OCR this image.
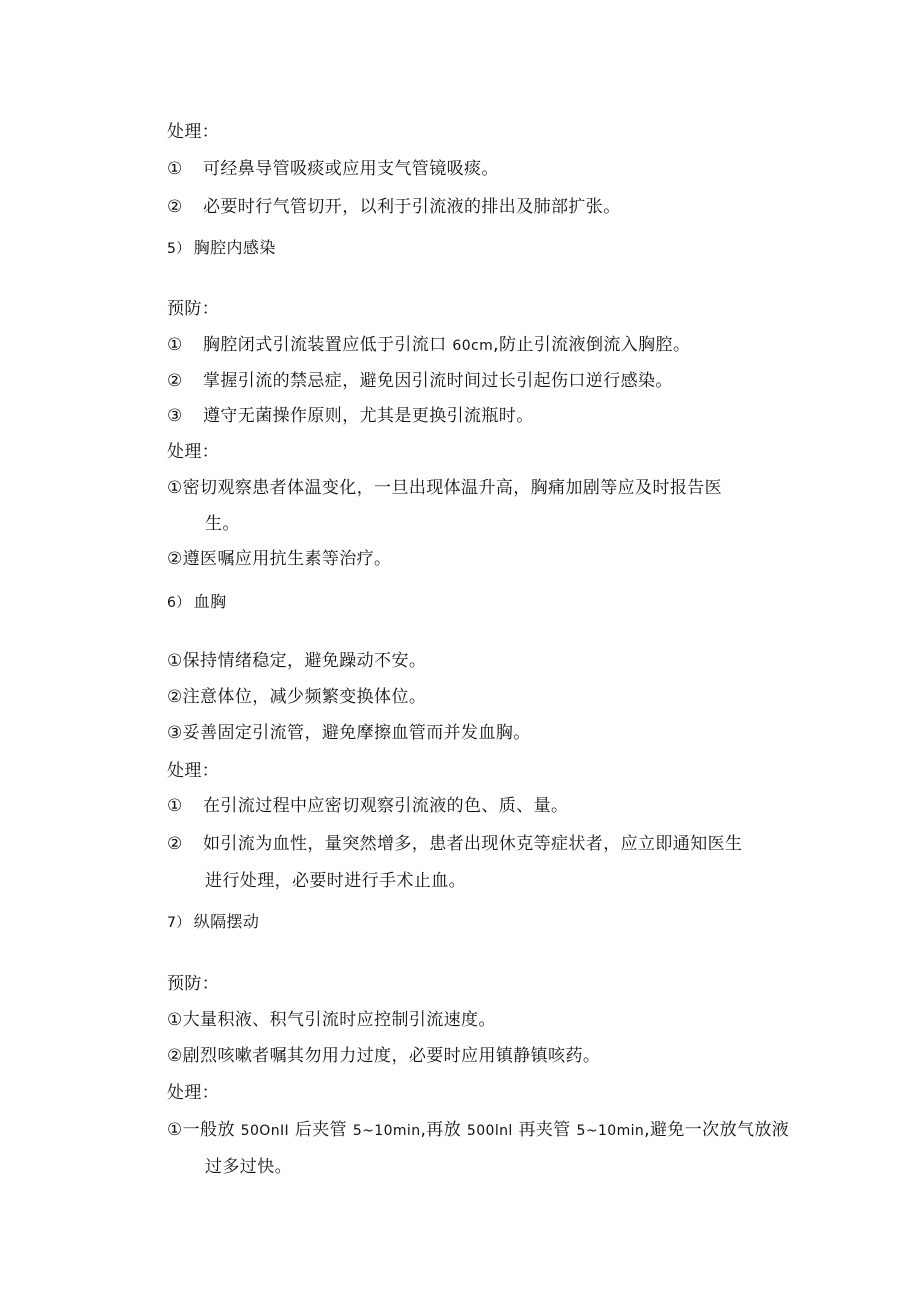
处理：
① 可经鼻导管吸痰或应用支气管镜吸痰。
② 必要时行气管切开，以利于引流液的排出及肺部扩张。
5） 胸腔内感染
预防：
① 胸腔闭式引流装置应低于引流口 60cm,防止引流液倒流入胸腔。
② 掌握引流的禁忌症，避免因引流时间过长引起伤口逆行感染。
③ 遵守无菌操作原则，尤其是更换引流瓶时。
处理：
①密切观察患者体温变化，一旦出现体温升高，胸痛加剧等应及时报告医
生。
②遵医嘱应用抗生素等治疗。
6） 血胸
①保持情绪稳定，避免躁动不安。
②注意体位，减少频繁变换体位。
③妥善固定引流管，避免摩擦血管而并发血胸。
处理：
① 在引流过程中应密切观察引流液的色、质、量。
② 如引流为血性，量突然增多，患者出现休克等症状者，应立即通知医生
进行处理，必要时进行手术止血。
7） 纵隔摆动
预防：
①大量积液、积气引流时应控制引流速度。
②剧烈咳嗽者嘱其勿用力过度，必要时应用镇静镇咳药。
处理：
①一般放 50OnII 后夹管 5~10min,再放 500lnl 再夹管 5~10min,避免一次放气放液
过多过快。
